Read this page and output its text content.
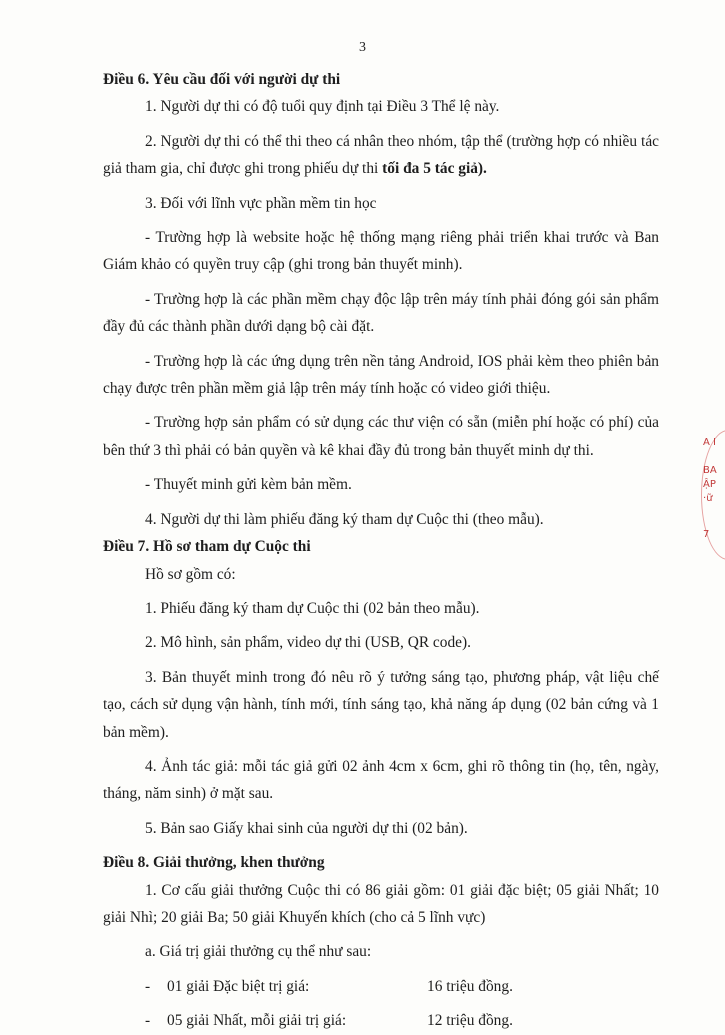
3

Điều 6. Yêu cầu đối với người dự thi

1. Người dự thi có độ tuổi quy định tại Điều 3 Thể lệ này.

2. Người dự thi có thể thi theo cá nhân theo nhóm, tập thể (trường hợp có nhiều tác giả tham gia, chỉ được ghi trong phiếu dự thi tối đa 5 tác giả).

3. Đối với lĩnh vực phần mềm tin học

- Trường hợp là website hoặc hệ thống mạng riêng phải triển khai trước và Ban Giám khảo có quyền truy cập (ghi trong bản thuyết minh).

- Trường hợp là các phần mềm chạy độc lập trên máy tính phải đóng gói sản phẩm đầy đủ các thành phần dưới dạng bộ cài đặt.

- Trường hợp là các ứng dụng trên nền tảng Android, IOS phải kèm theo phiên bản chạy được trên phần mềm giả lập trên máy tính hoặc có video giới thiệu.

- Trường hợp sản phẩm có sử dụng các thư viện có sẵn (miễn phí hoặc có phí) của bên thứ 3 thì phải có bản quyền và kê khai đầy đủ trong bản thuyết minh dự thi.

- Thuyết minh gửi kèm bản mềm.

4. Người dự thi làm phiếu đăng ký tham dự Cuộc thi (theo mẫu).

Điều 7. Hồ sơ tham dự Cuộc thi

Hồ sơ gồm có:

1. Phiếu đăng ký tham dự Cuộc thi (02 bản theo mẫu).

2. Mô hình, sản phẩm, video dự thi (USB, QR code).

3. Bản thuyết minh trong đó nêu rõ ý tưởng sáng tạo, phương pháp, vật liệu chế tạo, cách sử dụng vận hành, tính mới, tính sáng tạo, khả năng áp dụng (02 bản cứng và 1 bản mềm).

4. Ảnh tác giả: mỗi tác giả gửi 02 ảnh 4cm x 6cm, ghi rõ thông tin (họ, tên, ngày, tháng, năm sinh) ở mặt sau.

5. Bản sao Giấy khai sinh của người dự thi (02 bản).

Điều 8. Giải thưởng, khen thưởng

1. Cơ cấu giải thưởng Cuộc thi có 86 giải gồm: 01 giải đặc biệt; 05 giải Nhất; 10 giải Nhì; 20 giải Ba; 50 giải Khuyến khích (cho cả 5 lĩnh vực)

a. Giá trị giải thưởng cụ thể như sau:

-	01 giải Đặc biệt trị giá:	16 triệu đồng.
-	05 giải Nhất, mỗi giải trị giá:	12 triệu đồng.
A I
BA
ẬP
·ữ
7
